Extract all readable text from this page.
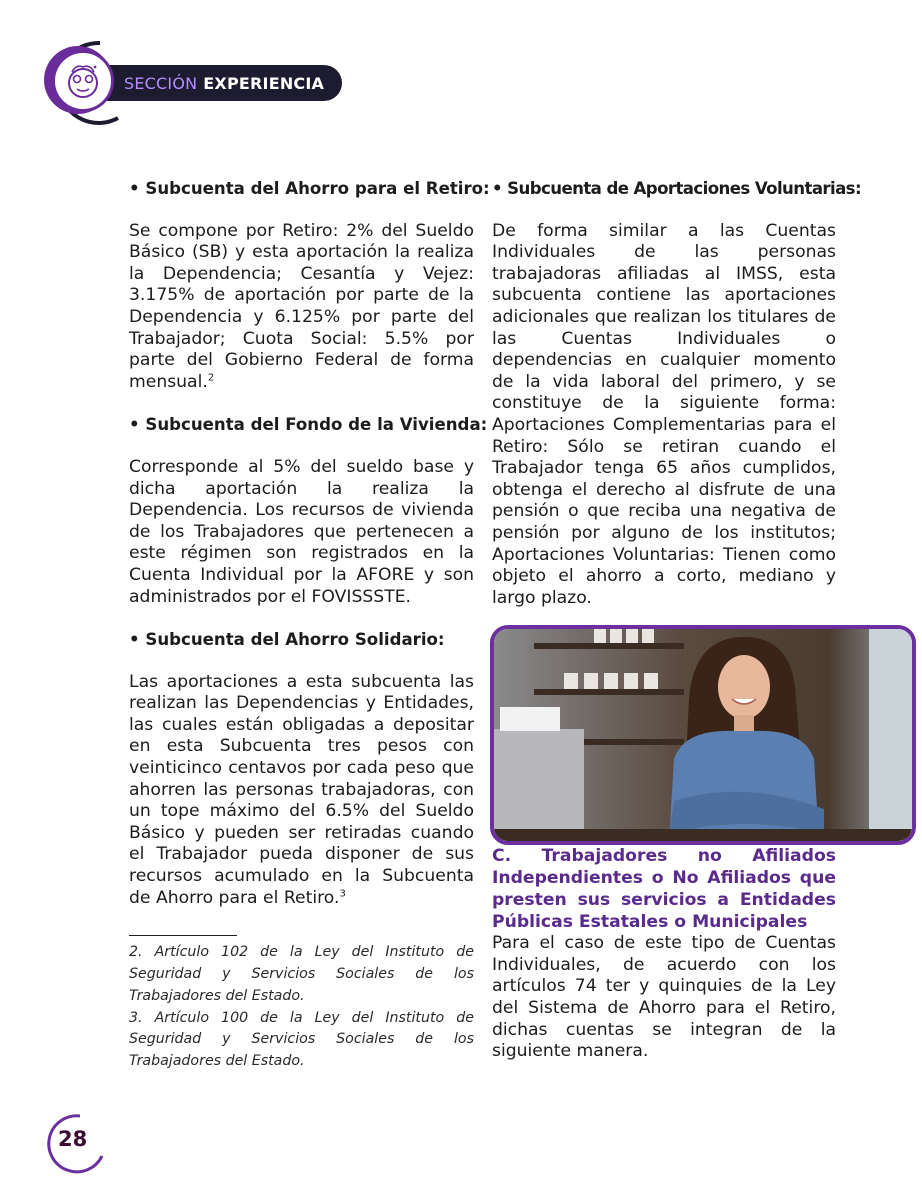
SECCIÓN EXPERIENCIA

• Subcuenta del Ahorro para el Retiro:

Se compone por Retiro: 2% del Sueldo Básico (SB) y esta aportación la realiza la Dependencia; Cesantía y Vejez: 3.175% de aportación por parte de la Dependencia y 6.125% por parte del Trabajador; Cuota Social: 5.5% por parte del Gobierno Federal de forma mensual.$^2$

• Subcuenta del Fondo de la Vivienda:

Corresponde al 5% del sueldo base y dicha aportación la realiza la Dependencia. Los recursos de vivienda de los Trabajadores que pertenecen a este régimen son registrados en la Cuenta Individual por la AFORE y son administrados por el FOVISSSTE.

• Subcuenta del Ahorro Solidario:

Las aportaciones a esta subcuenta las realizan las Dependencias y Entidades, las cuales están obligadas a depositar en esta Subcuenta tres pesos con veinticinco centavos por cada peso que ahorren las personas trabajadoras, con un tope máximo del 6.5% del Sueldo Básico y pueden ser retiradas cuando el Trabajador pueda disponer de sus recursos acumulado en la Subcuenta de Ahorro para el Retiro.$^3$

2. Artículo 102 de la Ley del Instituto de Seguridad y Servicios Sociales de los Trabajadores del Estado.

3. Artículo 100 de la Ley del Instituto de Seguridad y Servicios Sociales de los Trabajadores del Estado.

• Subcuenta de Aportaciones Voluntarias:

De forma similar a las Cuentas Individuales de las personas trabajadoras afiliadas al IMSS, esta subcuenta contiene las aportaciones adicionales que realizan los titulares de las Cuentas Individuales o dependencias en cualquier momento de la vida laboral del primero, y se constituye de la siguiente forma: Aportaciones Complementarias para el Retiro: Sólo se retiran cuando el Trabajador tenga 65 años cumplidos, obtenga el derecho al disfrute de una pensión o que reciba una negativa de pensión por alguno de los institutos; Aportaciones Voluntarias: Tienen como objeto el ahorro a corto, mediano y largo plazo.

C. Trabajadores no Afiliados Independientes o No Afiliados que presten sus servicios a Entidades Públicas Estatales o Municipales

Para el caso de este tipo de Cuentas Individuales, de acuerdo con los artículos 74 ter y quinquies de la Ley del Sistema de Ahorro para el Retiro, dichas cuentas se integran de la siguiente manera.

28
